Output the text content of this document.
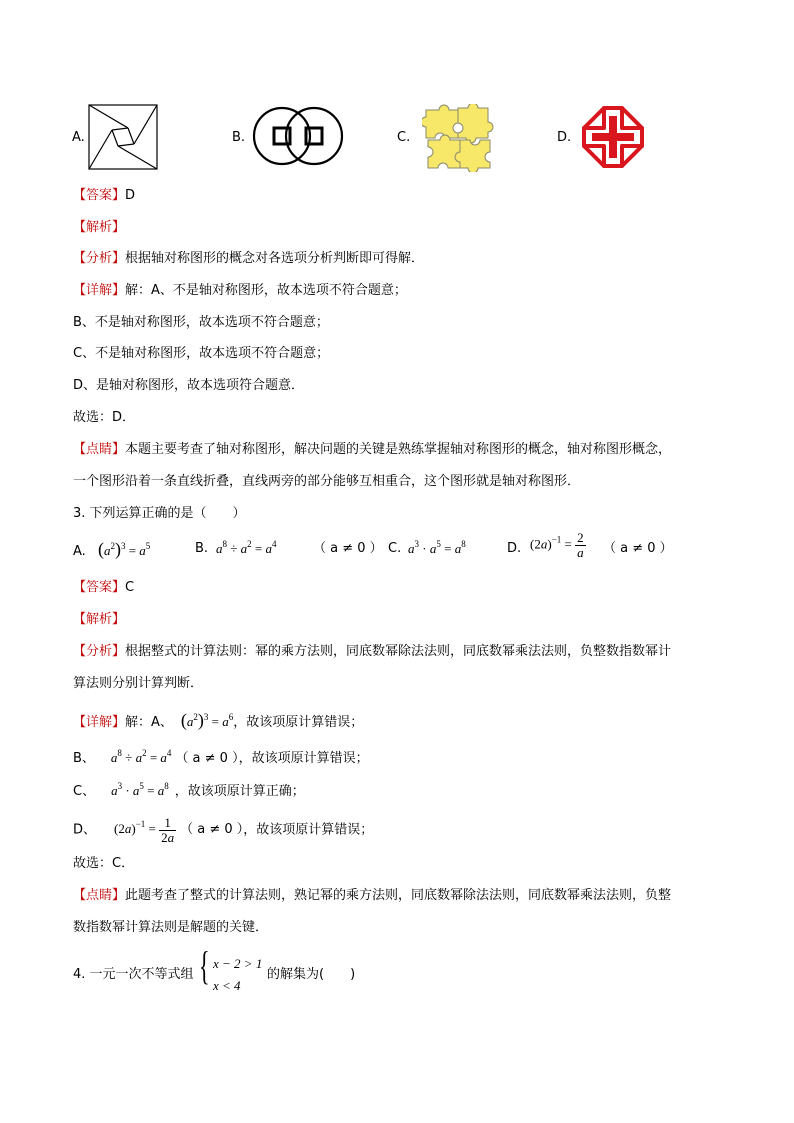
A.	B.	C.	D.
【答案】D
【解析】
【分析】根据轴对称图形的概念对各选项分析判断即可得解．
【详解】解：A、不是轴对称图形，故本选项不符合题意；
B、不是轴对称图形，故本选项不符合题意；
C、不是轴对称图形，故本选项不符合题意；
D、是轴对称图形，故本选项符合题意．
故选：D．
【点睛】本题主要考查了轴对称图形，解决问题的关键是熟练掌握轴对称图形的概念，轴对称图形概念，
一个图形沿着一条直线折叠，直线两旁的部分能够互相重合，这个图形就是轴对称图形．
3. 下列运算正确的是（　　）
A. $(a^2)^3 = a^5$	B. $a^8 \div a^2 = a^4$	（ a ≠ 0 ） C. $a^3 \cdot a^5 = a^8$	D. $(2a)^{-1} = \frac{2}{a}$ （ a ≠ 0 ）
【答案】C
【解析】
【分析】根据整式的计算法则：幂的乘方法则，同底数幂除法法则，同底数幂乘法法则，负整数指数幂计
算法则分别计算判断．
【详解】解：A、 $(a^2)^3 = a^6$，故该项原计算错误；
B、 $a^8 \div a^2 = a^4$ （ a ≠ 0 ），故该项原计算错误；
C、 $a^3 \cdot a^5 = a^8$ ，故该项原计算正确；
D、 $(2a)^{-1} = \frac{1}{2a}$ （ a ≠ 0 ），故该项原计算错误；
故选：C．
【点睛】此题考查了整式的计算法则，熟记幂的乘方法则，同底数幂除法法则，同底数幂乘法法则，负整
数指数幂计算法则是解题的关键．
4. 一元一次不等式组 { x − 2 > 1
x < 4
的解集为(　　)
